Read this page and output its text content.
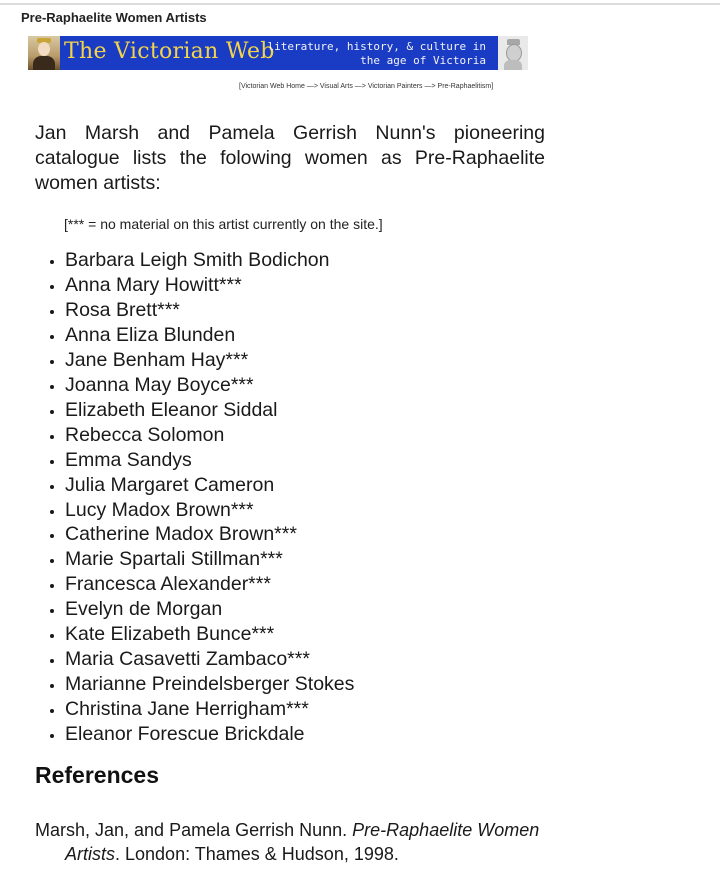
Pre-Raphaelite Women Artists
The Victorian Web
literature, history, & culture in
the age of Victoria
[Victorian Web Home —> Visual Arts —> Victorian Painters —> Pre-Raphaelitism]

Jan Marsh and Pamela Gerrish Nunn's pioneering catalogue lists the folowing women as Pre-Raphaelite women artists:

[*** = no material on this artist currently on the site.]
• Barbara Leigh Smith Bodichon
• Anna Mary Howitt***
• Rosa Brett***
• Anna Eliza Blunden
• Jane Benham Hay***
• Joanna May Boyce***
• Elizabeth Eleanor Siddal
• Rebecca Solomon
• Emma Sandys
• Julia Margaret Cameron
• Lucy Madox Brown***
• Catherine Madox Brown***
• Marie Spartali Stillman***
• Francesca Alexander***
• Evelyn de Morgan
• Kate Elizabeth Bunce***
• Maria Casavetti Zambaco***
• Marianne Preindelsberger Stokes
• Christina Jane Herrigham***
• Eleanor Forescue Brickdale
References
Marsh, Jan, and Pamela Gerrish Nunn. Pre-Raphaelite Women Artists. London: Thames & Hudson, 1998.
